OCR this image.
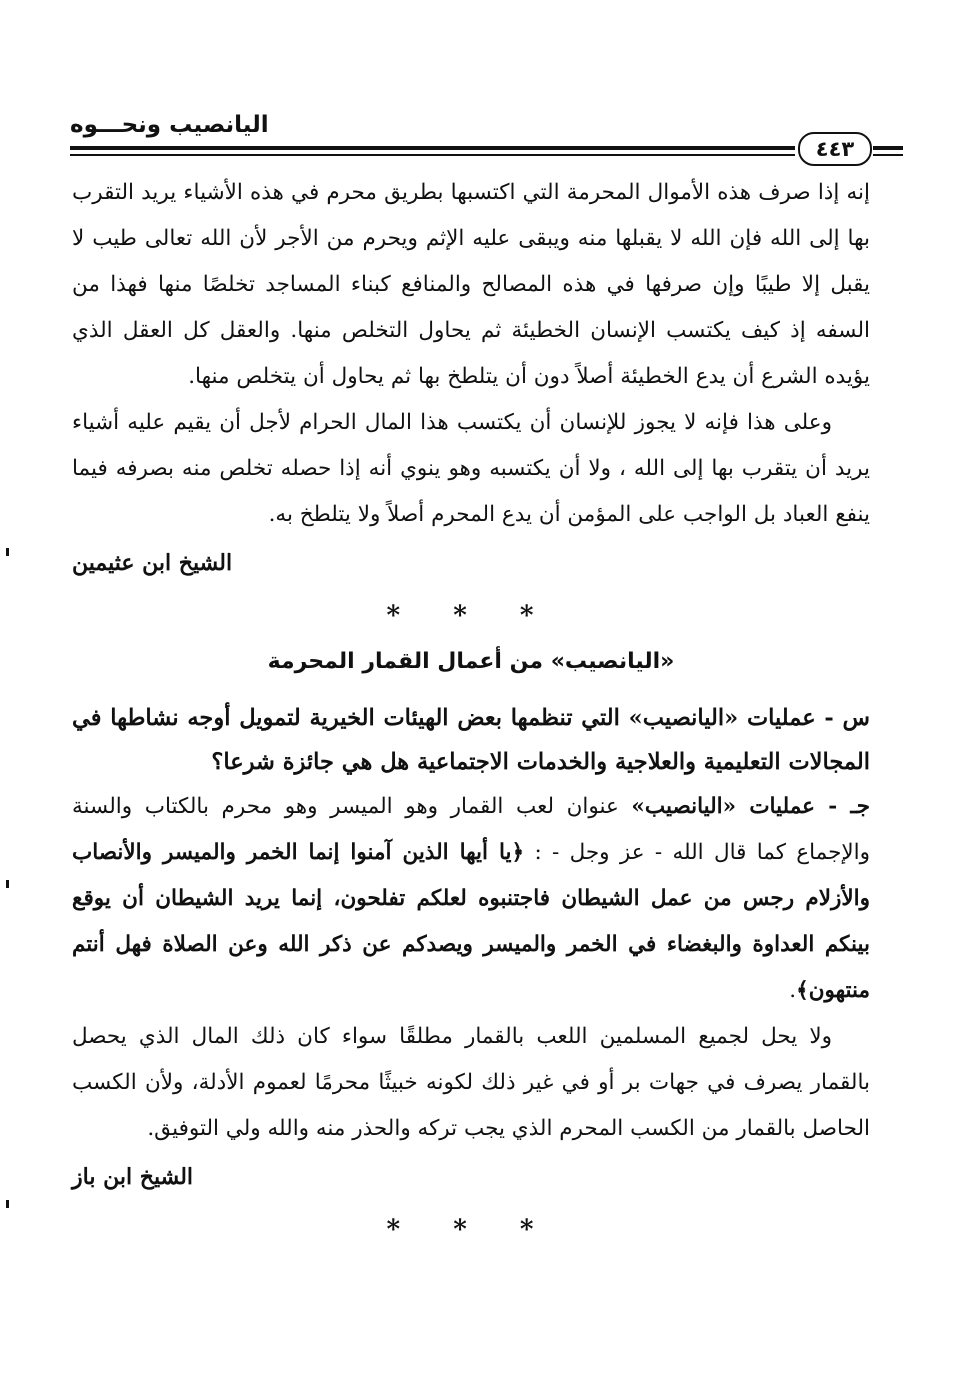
اليانصيب ونحـــوه
٤٤٣

إنه إذا صرف هذه الأموال المحرمة التي اكتسبها بطريق محرم في هذه الأشياء يريد التقرب بها إلى الله فإن الله لا يقبلها منه ويبقى عليه الإثم ويحرم من الأجر لأن الله تعالى طيب لا يقبل إلا طيبًا وإن صرفها في هذه المصالح والمنافع كبناء المساجد تخلصًا منها فهذا من السفه إذ كيف يكتسب الإنسان الخطيئة ثم يحاول التخلص منها. والعقل كل العقل الذي يؤيده الشرع أن يدع الخطيئة أصلاً دون أن يتلطخ بها ثم يحاول أن يتخلص منها.

وعلى هذا فإنه لا يجوز للإنسان أن يكتسب هذا المال الحرام لأجل أن يقيم عليه أشياء يريد أن يتقرب بها إلى الله ، ولا أن يكتسبه وهو ينوي أنه إذا حصله تخلص منه بصرفه فيما ينفع العباد بل الواجب على المؤمن أن يدع المحرم أصلاً ولا يتلطخ به.

الشيخ ابن عثيمين

* * *

«اليانصيب» من أعمال القمار المحرمة

س - عمليات «اليانصيب» التي تنظمها بعض الهيئات الخيرية لتمويل أوجه نشاطها في المجالات التعليمية والعلاجية والخدمات الاجتماعية هل هي جائزة شرعا؟

جـ - عمليات «اليانصيب» عنوان لعب القمار وهو الميسر وهو محرم بالكتاب والسنة والإجماع كما قال الله - عز وجل - : ﴿يا أيها الذين آمنوا إنما الخمر والميسر والأنصاب والأزلام رجس من عمل الشيطان فاجتنبوه لعلكم تفلحون، إنما يريد الشيطان أن يوقع بينكم العداوة والبغضاء في الخمر والميسر ويصدكم عن ذكر الله وعن الصلاة فهل أنتم منتهون﴾.

ولا يحل لجميع المسلمين اللعب بالقمار مطلقًا سواء كان ذلك المال الذي يحصل بالقمار يصرف في جهات بر أو في غير ذلك لكونه خبيثًا محرمًا لعموم الأدلة، ولأن الكسب الحاصل بالقمار من الكسب المحرم الذي يجب تركه والحذر منه والله ولي التوفيق.

الشيخ ابن باز

* * *
